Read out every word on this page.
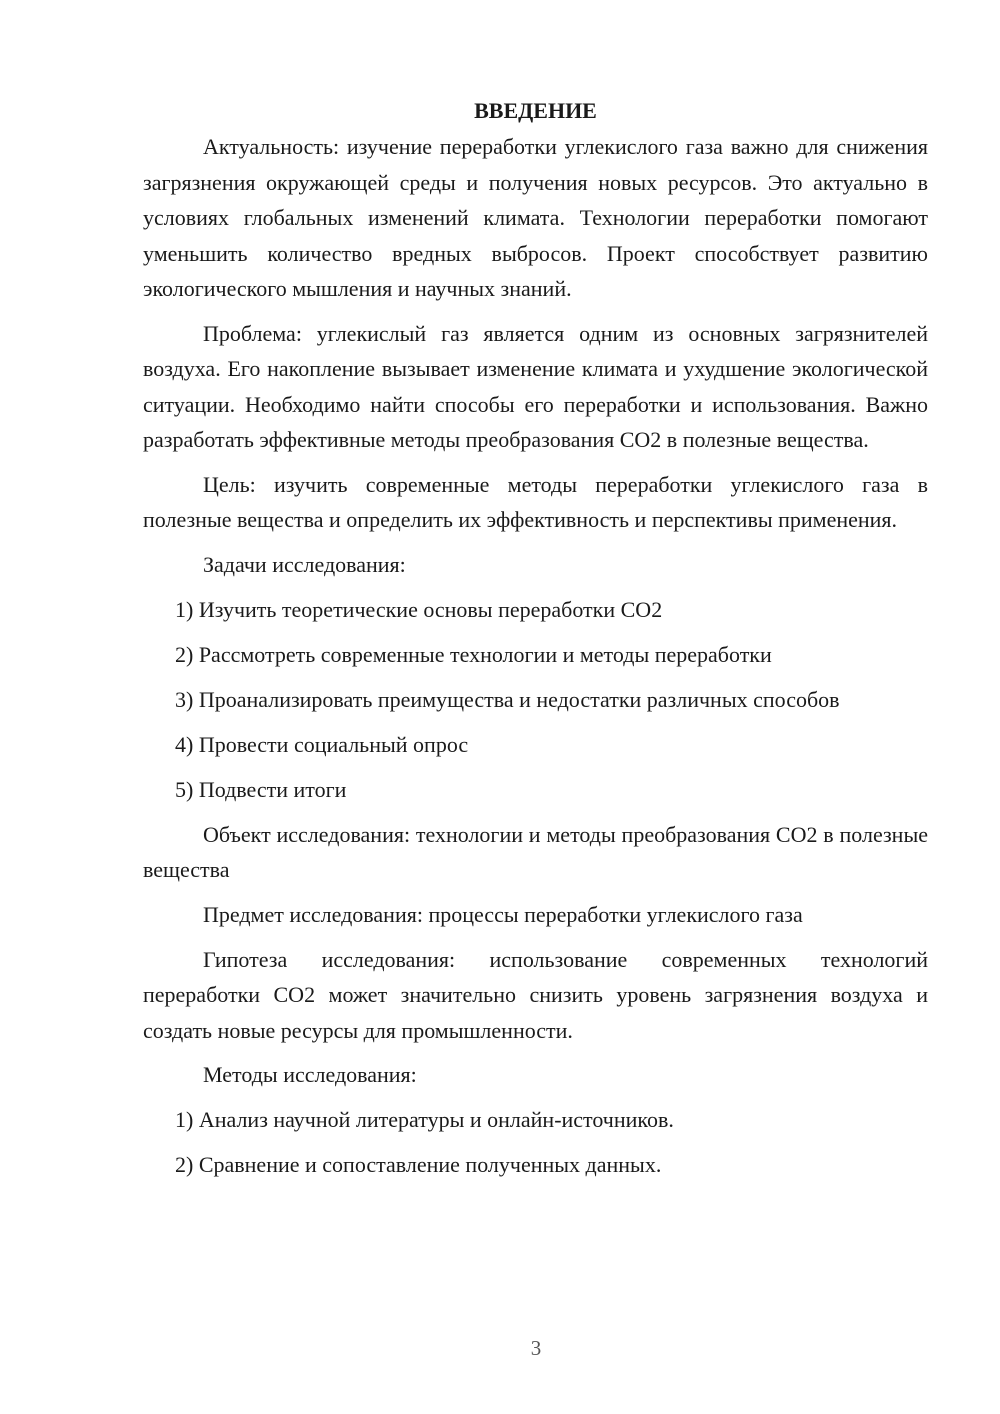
ВВЕДЕНИЕ

Актуальность: изучение переработки углекислого газа важно для снижения загрязнения окружающей среды и получения новых ресурсов. Это актуально в условиях глобальных изменений климата. Технологии переработки помогают уменьшить количество вредных выбросов. Проект способствует развитию экологического мышления и научных знаний.

Проблема: углекислый газ является одним из основных загрязнителей воздуха. Его накопление вызывает изменение климата и ухудшение экологической ситуации. Необходимо найти способы его переработки и использования. Важно разработать эффективные методы преобразования CO2 в полезные вещества.

Цель: изучить современные методы переработки углекислого газа в полезные вещества и определить их эффективность и перспективы применения.

Задачи исследования:

1) Изучить теоретические основы переработки CO2
2) Рассмотреть современные технологии и методы переработки
3) Проанализировать преимущества и недостатки различных способов
4) Провести социальный опрос
5) Подвести итоги

Объект исследования: технологии и методы преобразования CO2 в полезные вещества

Предмет исследования: процессы переработки углекислого газа

Гипотеза исследования: использование современных технологий переработки CO2 может значительно снизить уровень загрязнения воздуха и создать новые ресурсы для промышленности.

Методы исследования:

1) Анализ научной литературы и онлайн-источников.
2) Сравнение и сопоставление полученных данных.
3
